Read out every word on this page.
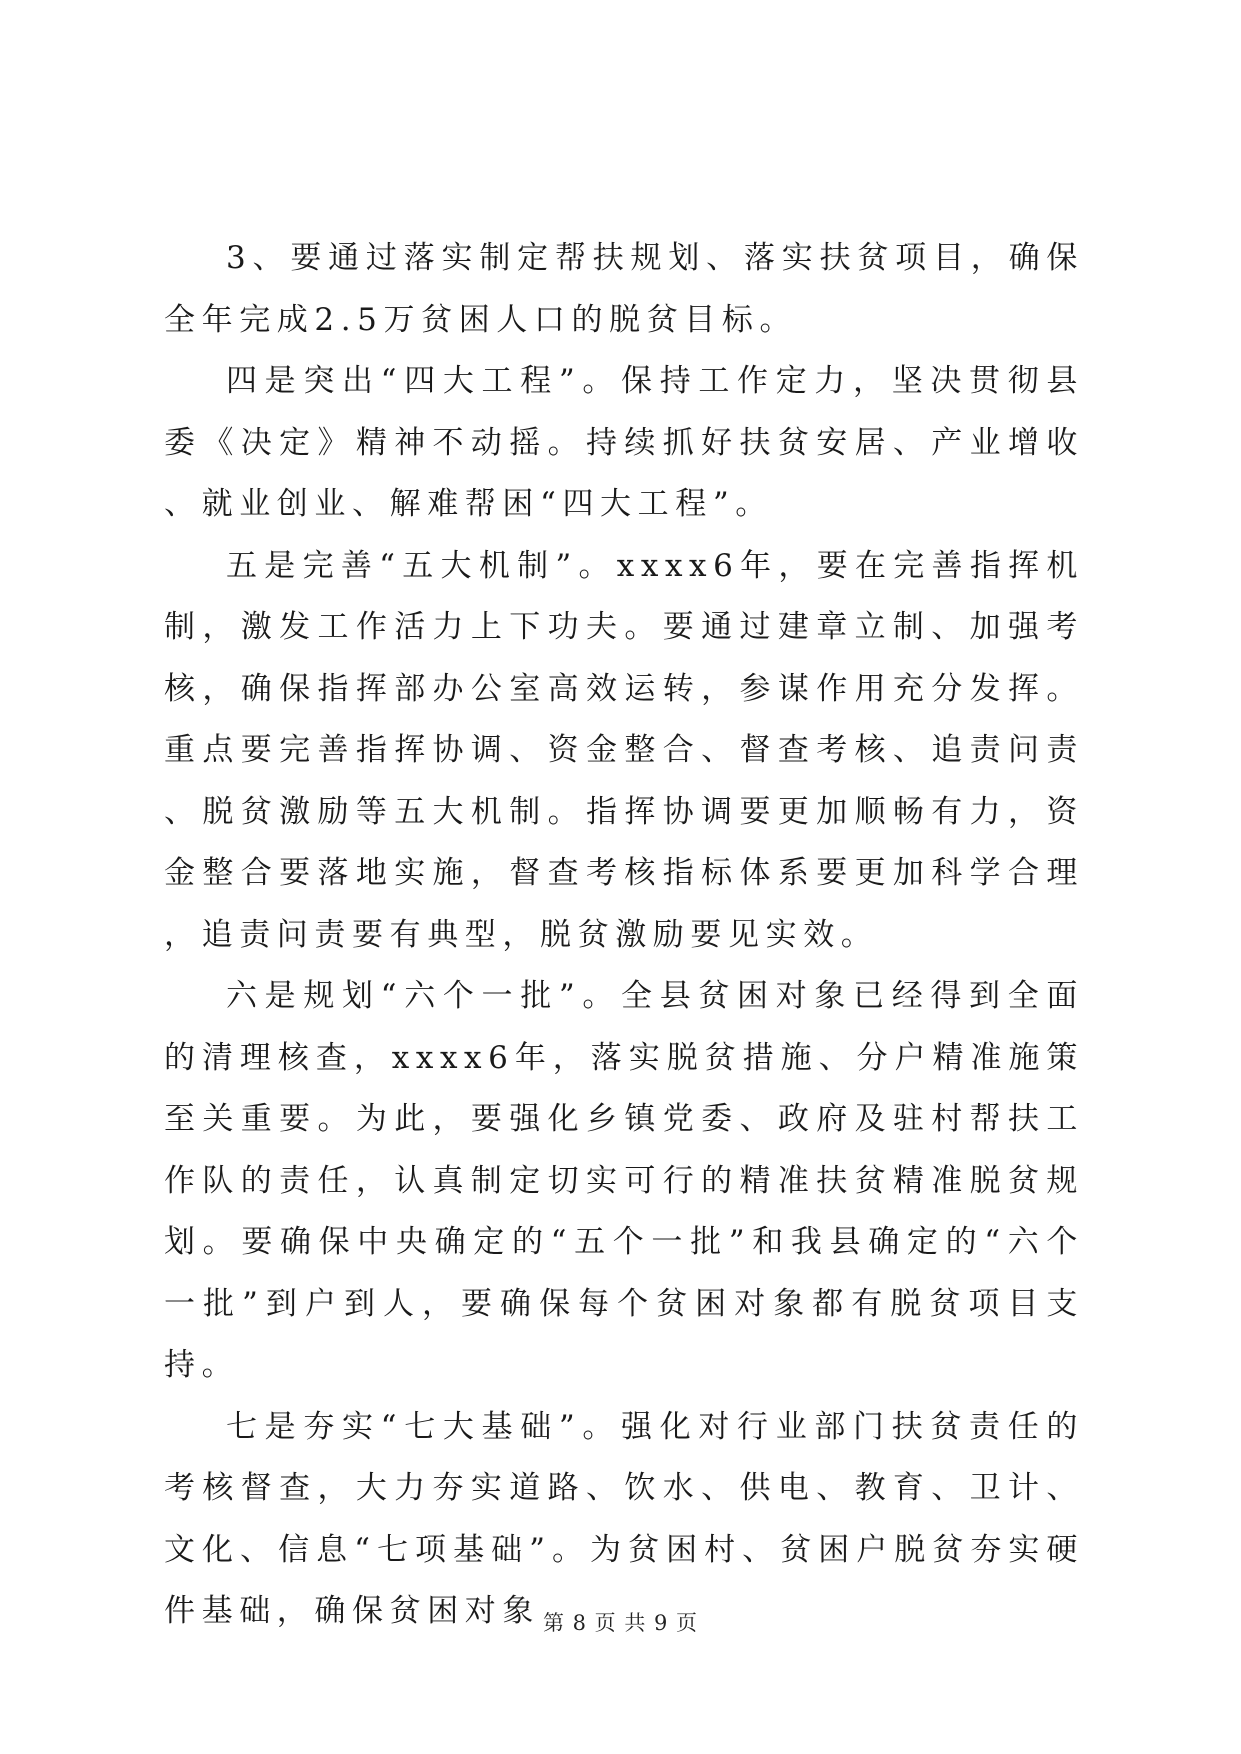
3、要通过落实制定帮扶规划、落实扶贫项目，确保全年完成2.5万贫困人口的脱贫目标。

四是突出“四大工程”。保持工作定力，坚决贯彻县委《决定》精神不动摇。持续抓好扶贫安居、产业增收、就业创业、解难帮困“四大工程”。

五是完善“五大机制”。xxxx6年，要在完善指挥机制，激发工作活力上下功夫。要通过建章立制、加强考核，确保指挥部办公室高效运转，参谋作用充分发挥。重点要完善指挥协调、资金整合、督查考核、追责问责、脱贫激励等五大机制。指挥协调要更加顺畅有力，资金整合要落地实施，督查考核指标体系要更加科学合理，追责问责要有典型，脱贫激励要见实效。

六是规划“六个一批”。全县贫困对象已经得到全面的清理核查，xxxx6年，落实脱贫措施、分户精准施策至关重要。为此，要强化乡镇党委、政府及驻村帮扶工作队的责任，认真制定切实可行的精准扶贫精准脱贫规划。要确保中央确定的“五个一批”和我县确定的“六个一批”到户到人，要确保每个贫困对象都有脱贫项目支持。

七是夯实“七大基础”。强化对行业部门扶贫责任的考核督查，大力夯实道路、饮水、供电、教育、卫计、文化、信息“七项基础”。为贫困村、贫困户脱贫夯实硬件基础，确保贫困对象 第 8 页 共 9 页
